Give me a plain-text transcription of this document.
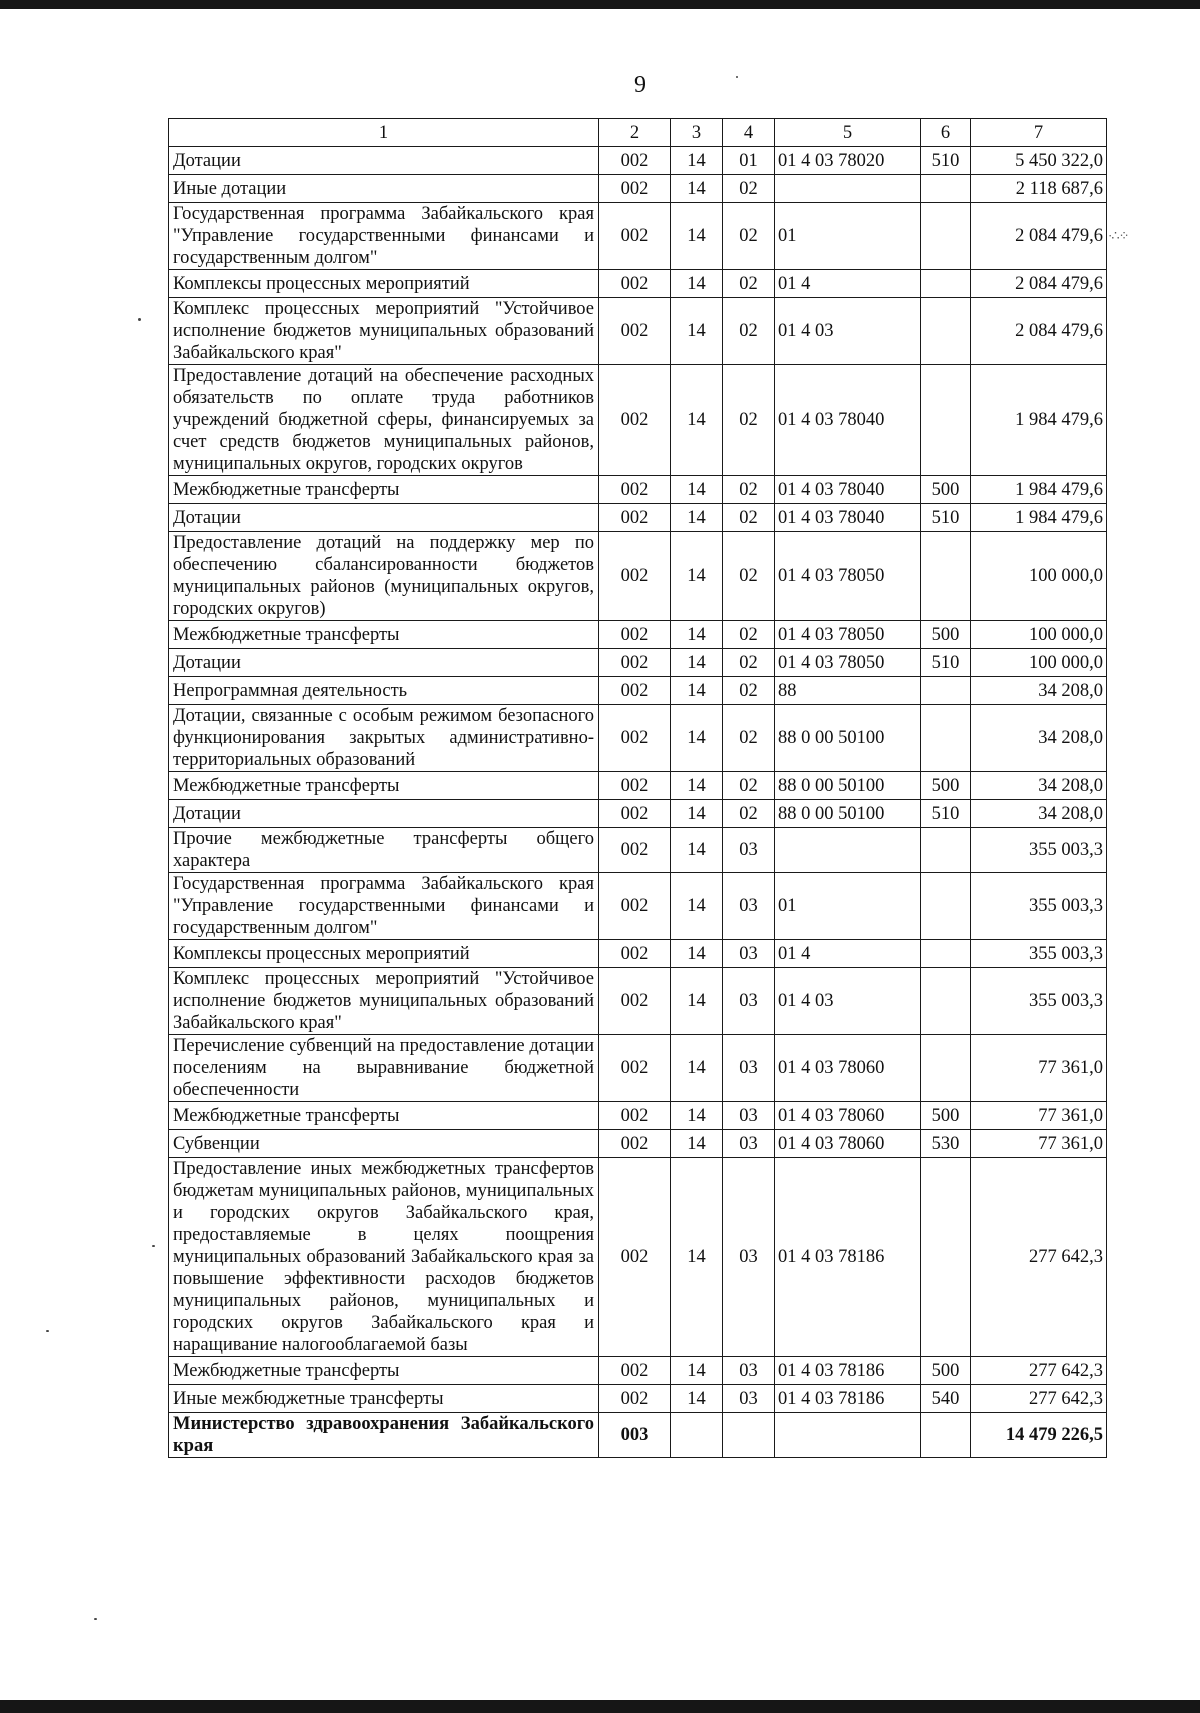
9
1	2	3	4	5	6	7
Дотации	002	14	01	01 4 03 78020	510	5 450 322,0
Иные дотации	002	14	02			2 118 687,6
Государственная программа Забайкальского края "Управление государственными финансами и государственным долгом"	002	14	02	01		2 084 479,6
Комплексы процессных мероприятий	002	14	02	01 4		2 084 479,6
Комплекс процессных мероприятий "Устойчивое исполнение бюджетов муниципальных образований Забайкальского края"	002	14	02	01 4 03		2 084 479,6
Предоставление дотаций на обеспечение расходных обязательств по оплате труда работников учреждений бюджетной сферы, финансируемых за счет средств бюджетов муниципальных районов, муниципальных округов, городских округов	002	14	02	01 4 03 78040		1 984 479,6
Межбюджетные трансферты	002	14	02	01 4 03 78040	500	1 984 479,6
Дотации	002	14	02	01 4 03 78040	510	1 984 479,6
Предоставление дотаций на поддержку мер по обеспечению сбалансированности бюджетов муниципальных районов (муниципальных округов, городских округов)	002	14	02	01 4 03 78050		100 000,0
Межбюджетные трансферты	002	14	02	01 4 03 78050	500	100 000,0
Дотации	002	14	02	01 4 03 78050	510	100 000,0
Непрограммная деятельность	002	14	02	88		34 208,0
Дотации, связанные с особым режимом безопасного функционирования закрытых административно-территориальных образований	002	14	02	88 0 00 50100		34 208,0
Межбюджетные трансферты	002	14	02	88 0 00 50100	500	34 208,0
Дотации	002	14	02	88 0 00 50100	510	34 208,0
Прочие межбюджетные трансферты общего характера	002	14	03			355 003,3
Государственная программа Забайкальского края "Управление государственными финансами и государственным долгом"	002	14	03	01		355 003,3
Комплексы процессных мероприятий	002	14	03	01 4		355 003,3
Комплекс процессных мероприятий "Устойчивое исполнение бюджетов муниципальных образований Забайкальского края"	002	14	03	01 4 03		355 003,3
Перечисление субвенций на предоставление дотации поселениям на выравнивание бюджетной обеспеченности	002	14	03	01 4 03 78060		77 361,0
Межбюджетные трансферты	002	14	03	01 4 03 78060	500	77 361,0
Субвенции	002	14	03	01 4 03 78060	530	77 361,0
Предоставление иных межбюджетных трансфертов бюджетам муниципальных районов, муниципальных и городских округов Забайкальского края, предоставляемые в целях поощрения муниципальных образований Забайкальского края за повышение эффективности расходов бюджетов муниципальных районов, муниципальных и городских округов Забайкальского края и наращивание налогооблагаемой базы	002	14	03	01 4 03 78186		277 642,3
Межбюджетные трансферты	002	14	03	01 4 03 78186	500	277 642,3
Иные межбюджетные трансферты	002	14	03	01 4 03 78186	540	277 642,3
Министерство здравоохранения Забайкальского края	003					14 479 226,5
·∴⁘
